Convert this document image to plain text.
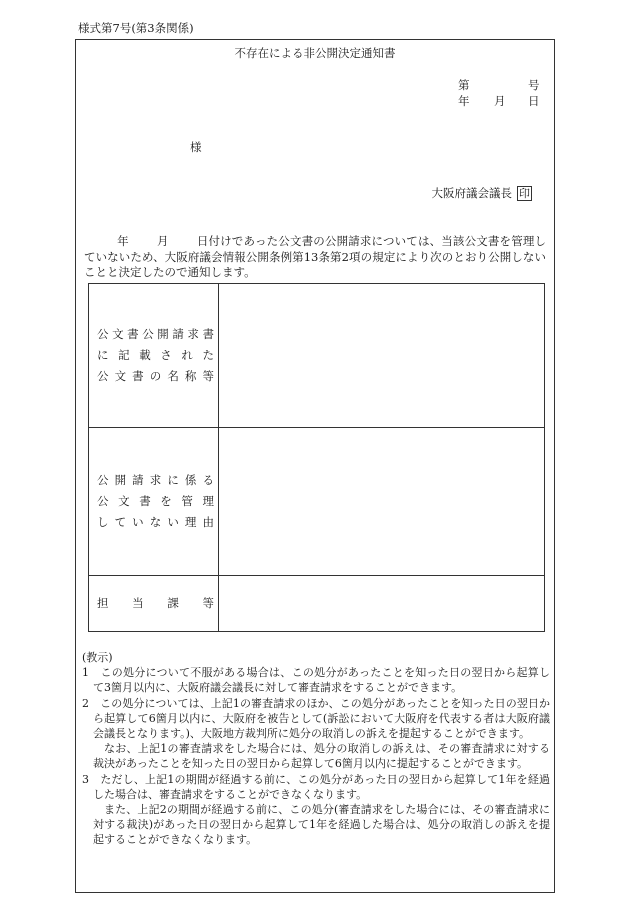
様式第7号(第3条関係)
不存在による非公開決定通知書
第	号
年 月 日
様
大阪府議会議長 印
年 月 日付けであった公文書の公開請求については、当該公文書を管理していないため、大阪府議会情報公開条例第13条第2項の規定により次のとおり公開しないことと決定したので通知します。
公文書公開請求書
に 記 載 さ れ た
公 文 書 の 名 称 等	

公 開 請 求 に 係 る
公 文 書 を 管 理
し て い な い 理 由	

担　当　課　等	

(教示)

1　この処分について不服がある場合は、この処分があったことを知った日の翌日から起算して3箇月以内に、大阪府議会議長に対して審査請求をすることができます。

2　この処分については、上記1の審査請求のほか、この処分があったことを知った日の翌日から起算して6箇月以内に、大阪府を被告として(訴訟において大阪府を代表する者は大阪府議会議長となります。)、大阪地方裁判所に処分の取消しの訴えを提起することができます。

なお、上記1の審査請求をした場合には、処分の取消しの訴えは、その審査請求に対する裁決があったことを知った日の翌日から起算して6箇月以内に提起することができます。

3　ただし、上記1の期間が経過する前に、この処分があった日の翌日から起算して1年を経過した場合は、審査請求をすることができなくなります。

また、上記2の期間が経過する前に、この処分(審査請求をした場合には、その審査請求に対する裁決)があった日の翌日から起算して1年を経過した場合は、処分の取消しの訴えを提起することができなくなります。
